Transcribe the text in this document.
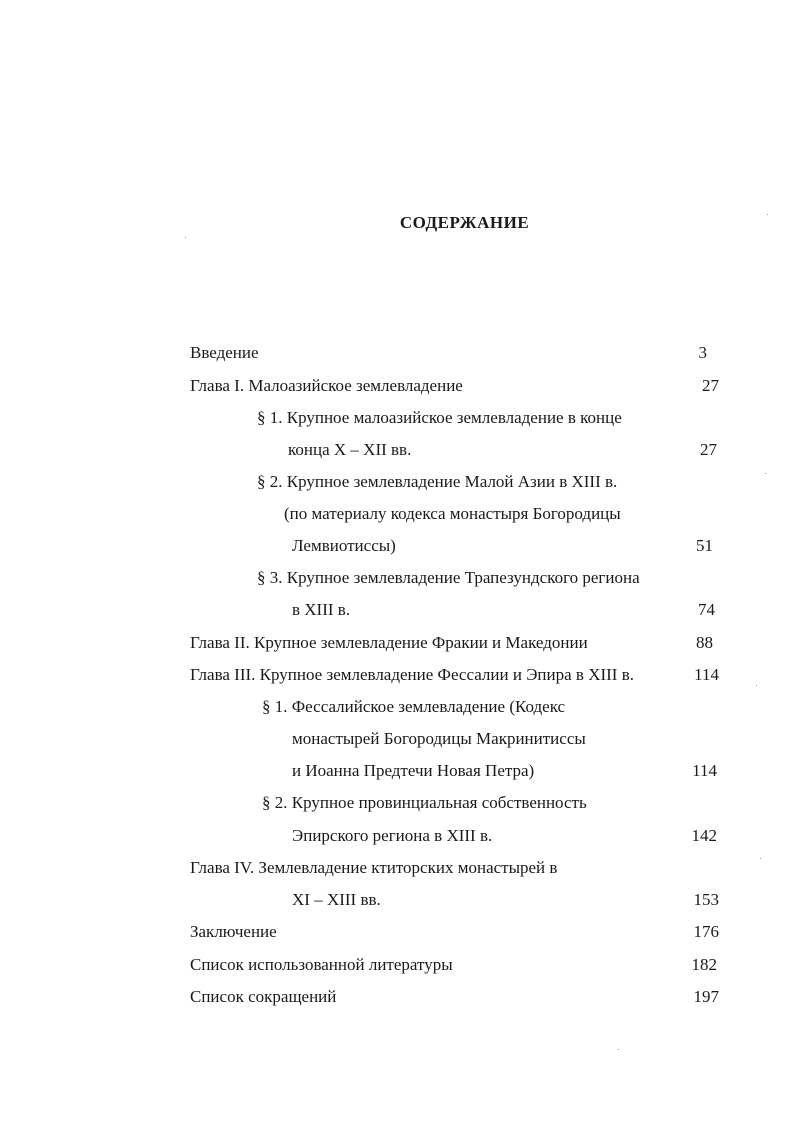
СОДЕРЖАНИЕ
Введение	3
Глава I. Малоазийское землевладение	27
§ 1. Крупное малоазийское землевладение в конце
конца X – XII вв.	27
§ 2. Крупное землевладение Малой Азии в XIII в.
(по материалу кодекса монастыря Богородицы
Лемвиотиссы)	51
§ 3. Крупное землевладение Трапезундского региона
в XIII в.	74
Глава II. Крупное землевладение Фракии и Македонии	88
Глава III. Крупное землевладение Фессалии и Эпира в XIII в.	114
§ 1. Фессалийское землевладение (Кодекс
монастырей Богородицы Макринитиссы
и Иоанна Предтечи Новая Петра)	114
§ 2. Крупное провинциальная собственность
Эпирского региона в XIII в.	142
Глава IV. Землевладение ктиторских монастырей в
XI – XIII вв.	153
Заключение	176
Список использованной литературы	182
Список сокращений	197
